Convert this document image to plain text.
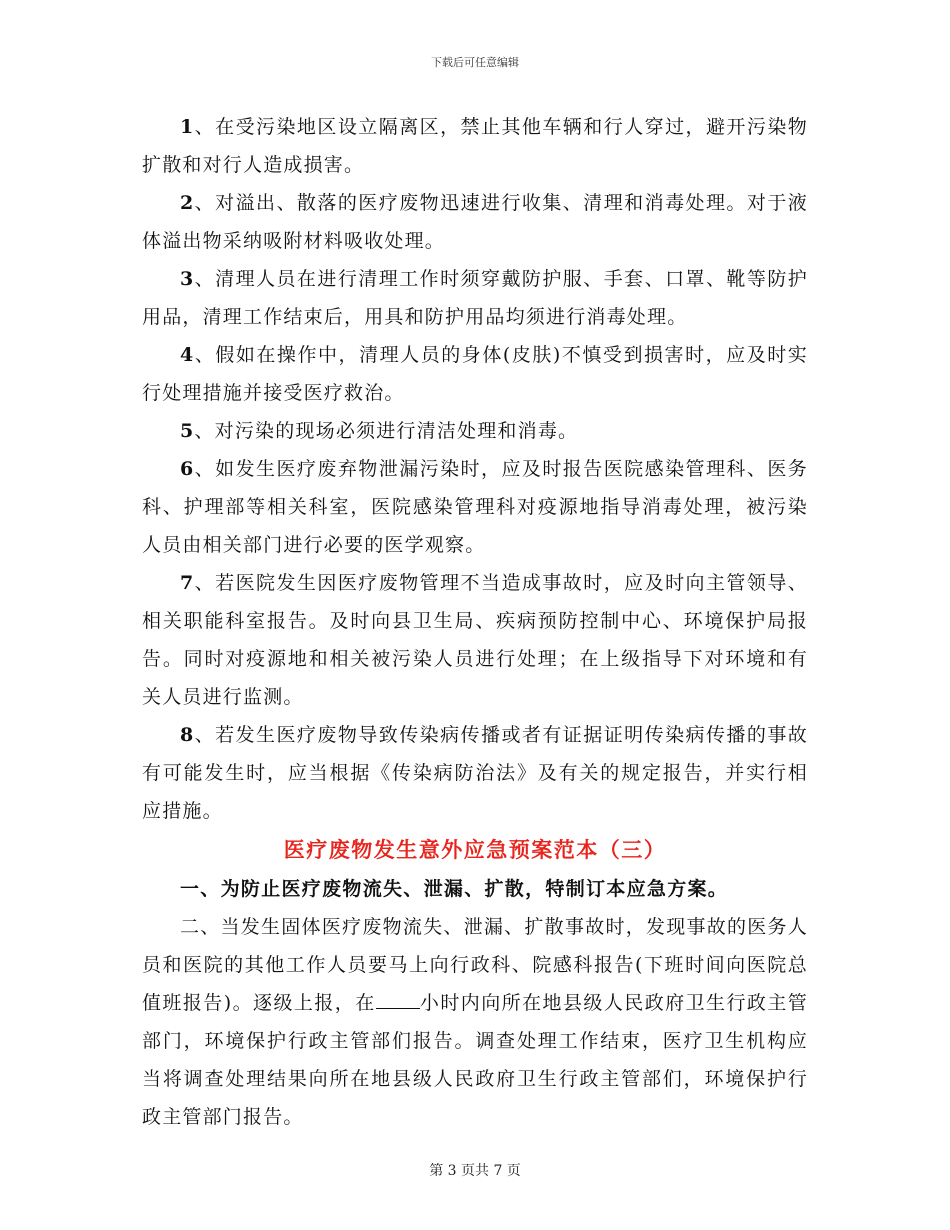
下载后可任意编辑

1、在受污染地区设立隔离区，禁止其他车辆和行人穿过，避开污染物扩散和对行人造成损害。

2、对溢出、散落的医疗废物迅速进行收集、清理和消毒处理。对于液体溢出物采纳吸附材料吸收处理。

3、清理人员在进行清理工作时须穿戴防护服、手套、口罩、靴等防护用品，清理工作结束后，用具和防护用品均须进行消毒处理。

4、假如在操作中，清理人员的身体(皮肤)不慎受到损害时，应及时实行处理措施并接受医疗救治。

5、对污染的现场必须进行清洁处理和消毒。

6、如发生医疗废弃物泄漏污染时，应及时报告医院感染管理科、医务科、护理部等相关科室，医院感染管理科对疫源地指导消毒处理，被污染人员由相关部门进行必要的医学观察。

7、若医院发生因医疗废物管理不当造成事故时，应及时向主管领导、相关职能科室报告。及时向县卫生局、疾病预防控制中心、环境保护局报告。同时对疫源地和相关被污染人员进行处理；在上级指导下对环境和有关人员进行监测。

8、若发生医疗废物导致传染病传播或者有证据证明传染病传播的事故有可能发生时，应当根据《传染病防治法》及有关的规定报告，并实行相应措施。

医疗废物发生意外应急预案范本（三）

一、为防止医疗废物流失、泄漏、扩散，特制订本应急方案。

二、当发生固体医疗废物流失、泄漏、扩散事故时，发现事故的医务人员和医院的其他工作人员要马上向行政科、院感科报告(下班时间向医院总值班报告)。逐级上报，在 小时内向所在地县级人民政府卫生行政主管部门，环境保护行政主管部们报告。调查处理工作结束，医疗卫生机构应当将调查处理结果向所在地县级人民政府卫生行政主管部们，环境保护行政主管部门报告。

第 3 页共 7 页
